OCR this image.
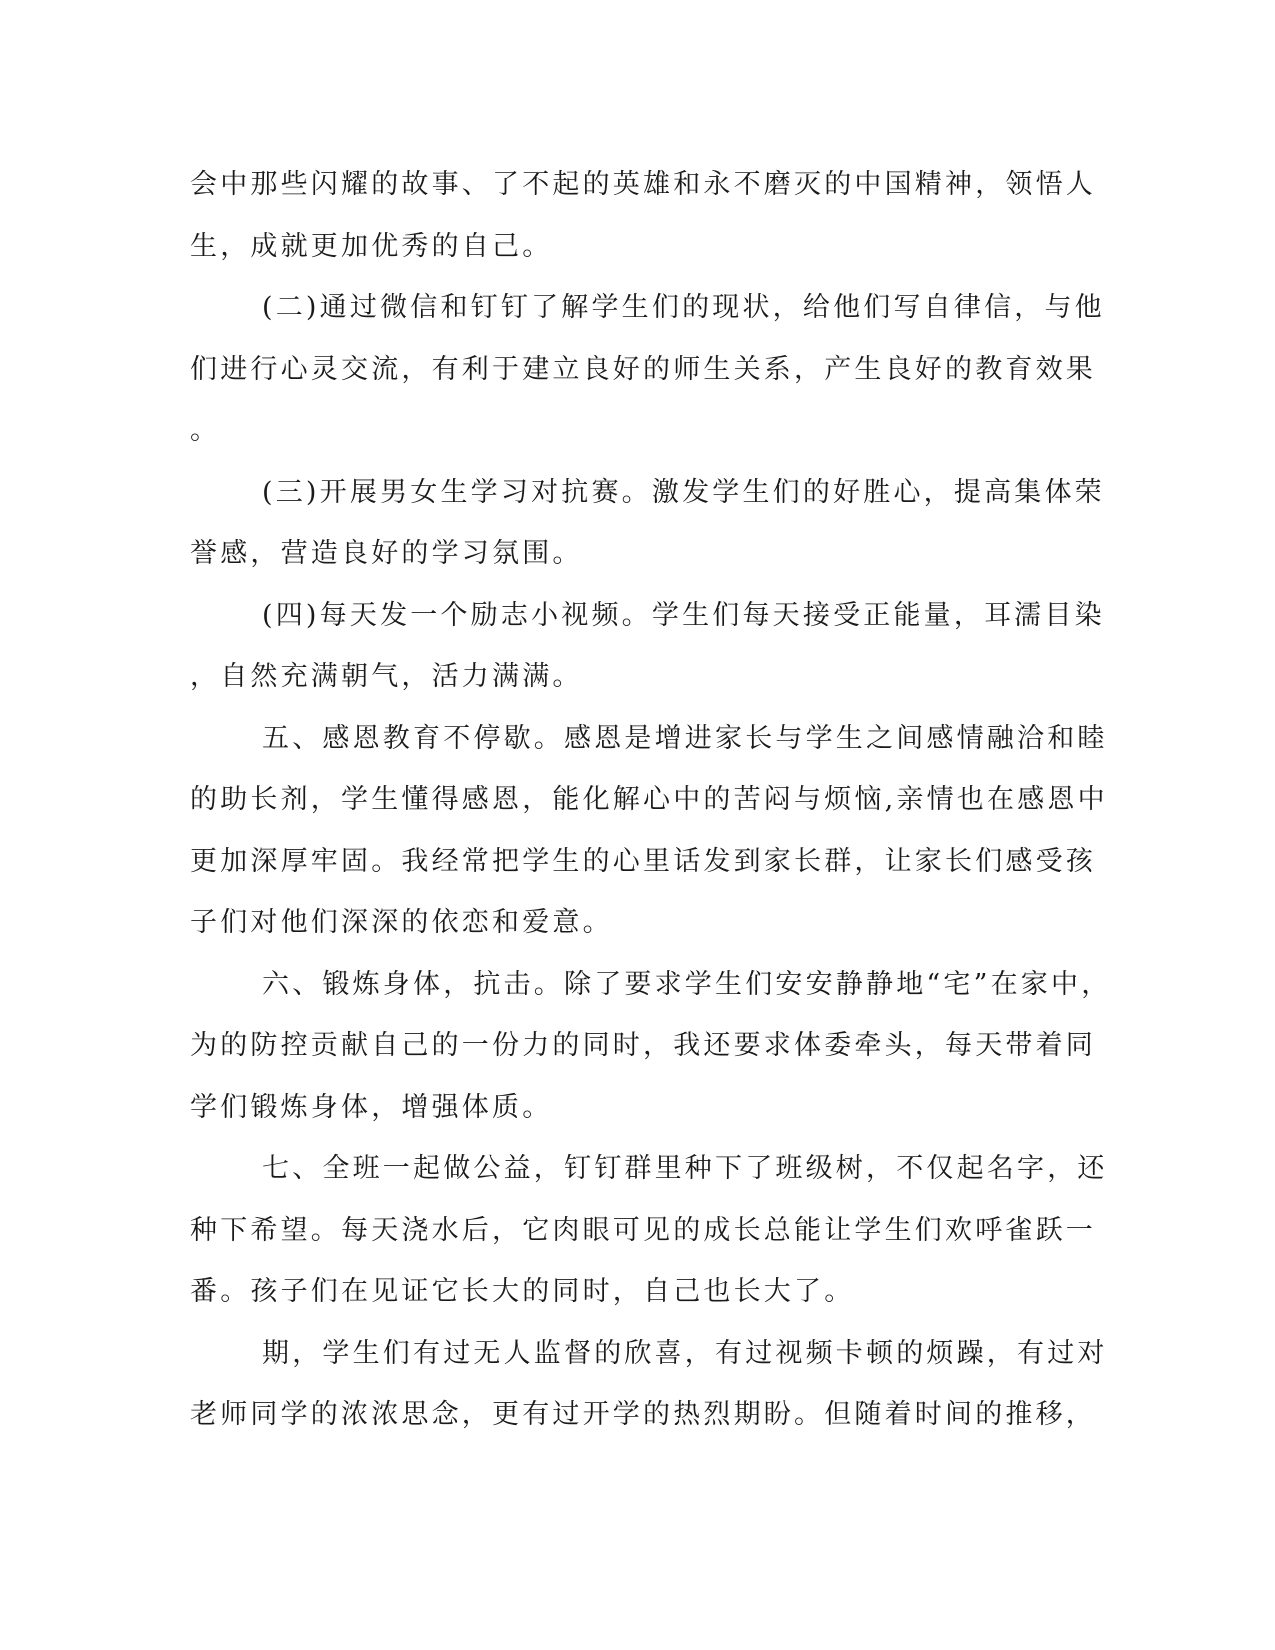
会中那些闪耀的故事、了不起的英雄和永不磨灭的中国精神，领悟人
生，成就更加优秀的自己。
(二)通过微信和钉钉了解学生们的现状，给他们写自律信，与他
们进行心灵交流，有利于建立良好的师生关系，产生良好的教育效果
。
(三)开展男女生学习对抗赛。激发学生们的好胜心，提高集体荣
誉感，营造良好的学习氛围。
(四)每天发一个励志小视频。学生们每天接受正能量，耳濡目染
，自然充满朝气，活力满满。
五、感恩教育不停歇。感恩是增进家长与学生之间感情融洽和睦
的助长剂，学生懂得感恩，能化解心中的苦闷与烦恼,亲情也在感恩中
更加深厚牢固。我经常把学生的心里话发到家长群，让家长们感受孩
子们对他们深深的依恋和爱意。
六、锻炼身体，抗击。除了要求学生们安安静静地“宅”在家中，
为的防控贡献自己的一份力的同时，我还要求体委牵头，每天带着同
学们锻炼身体，增强体质。
七、全班一起做公益，钉钉群里种下了班级树，不仅起名字，还
种下希望。每天浇水后，它肉眼可见的成长总能让学生们欢呼雀跃一
番。孩子们在见证它长大的同时，自己也长大了。
期，学生们有过无人监督的欣喜，有过视频卡顿的烦躁，有过对
老师同学的浓浓思念，更有过开学的热烈期盼。但随着时间的推移，
